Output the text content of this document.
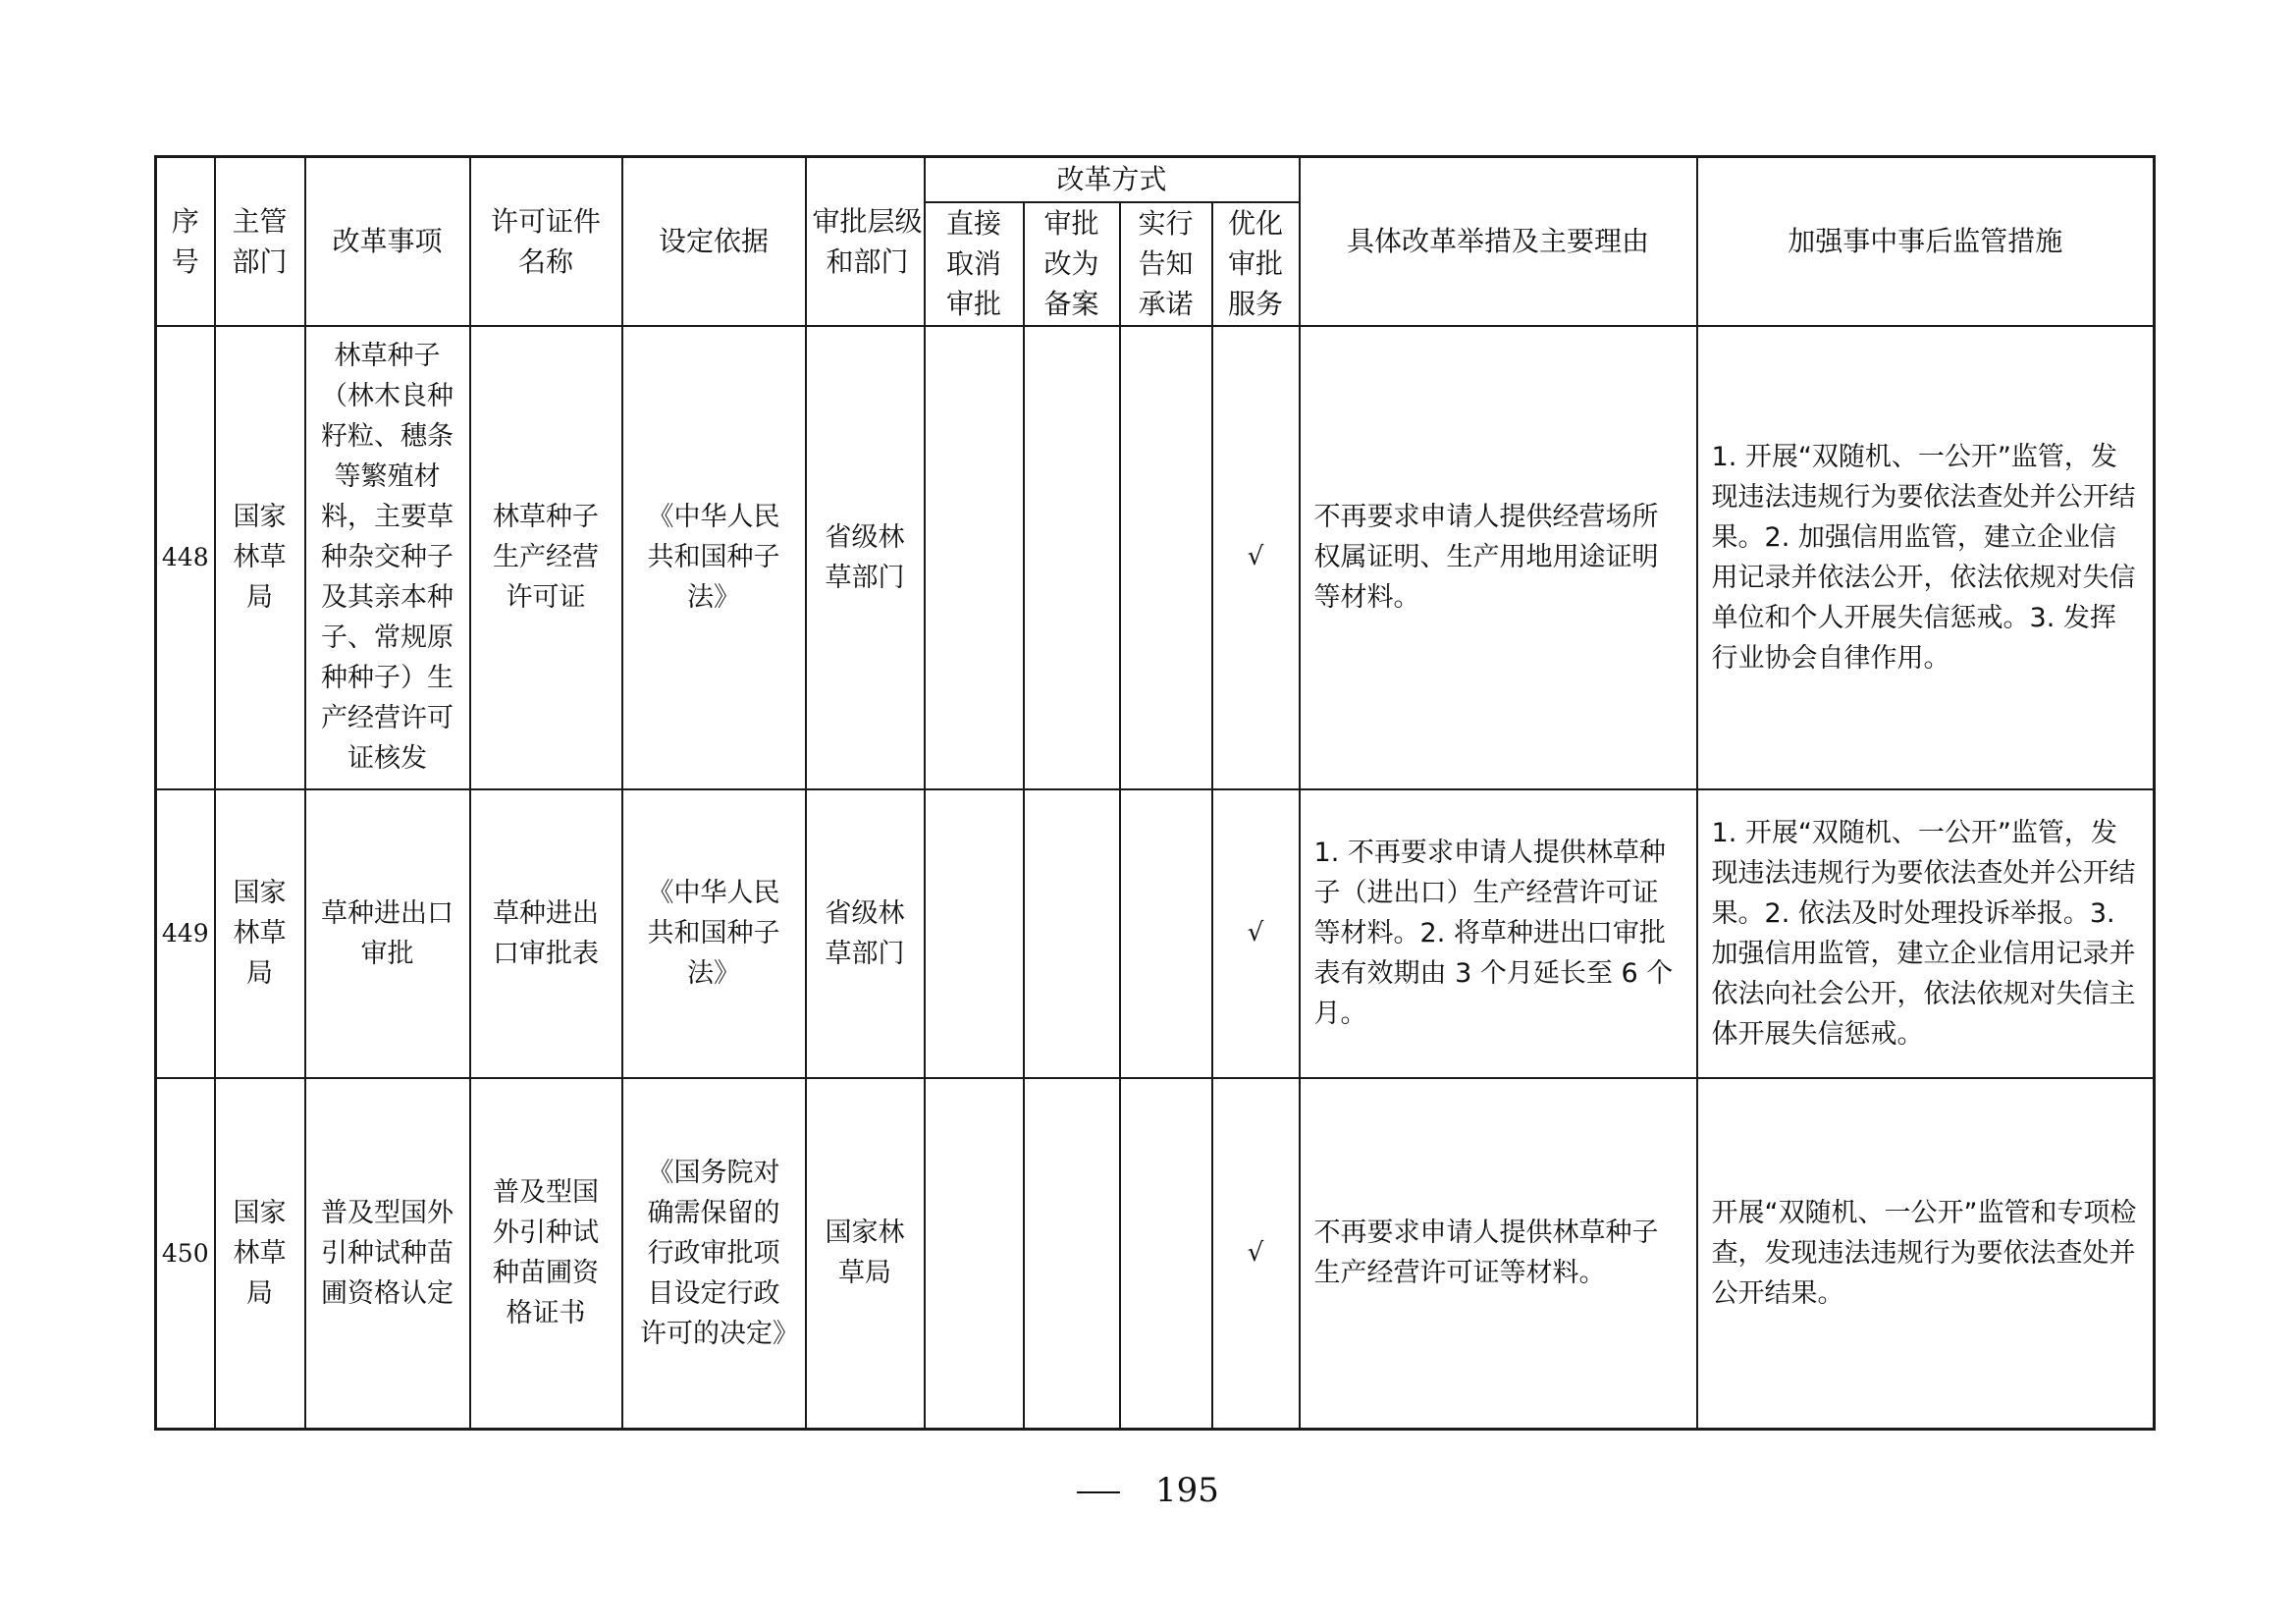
序号	主管部门	改革事项	许可证件名称	设定依据	审批层级和部门	改革方式				具体改革举措及主要理由	加强事中事后监管措施

						直接取消审批	审批改为备案	实行告知承诺	优化审批服务		

448	国家林草局	林草种子（林木良种籽粒、穗条等繁殖材料，主要草种杂交种子及其亲本种子、常规原种种子）生产经营许可证核发	林草种子生产经营许可证	《中华人民共和国种子法》	省级林草部门				√	不再要求申请人提供经营场所权属证明、生产用地用途证明等材料。	1. 开展“双随机、一公开”监管，发现违法违规行为要依法查处并公开结果。2. 加强信用监管，建立企业信用记录并依法公开，依法依规对失信单位和个人开展失信惩戒。3. 发挥行业协会自律作用。
449	国家林草局	草种进出口审批	草种进出口审批表	《中华人民共和国种子法》	省级林草部门				√	1. 不再要求申请人提供林草种子（进出口）生产经营许可证等材料。2. 将草种进出口审批表有效期由 3 个月延长至 6 个月。	1. 开展“双随机、一公开”监管，发现违法违规行为要依法查处并公开结果。2. 依法及时处理投诉举报。3. 加强信用监管，建立企业信用记录并依法向社会公开，依法依规对失信主体开展失信惩戒。
450	国家林草局	普及型国外引种试种苗圃资格认定	普及型国外引种试种苗圃资格证书	《国务院对确需保留的行政审批项目设定行政许可的决定》	国家林草局				√	不再要求申请人提供林草种子生产经营许可证等材料。	开展“双随机、一公开”监管和专项检查，发现违法违规行为要依法查处并公开结果。
195
